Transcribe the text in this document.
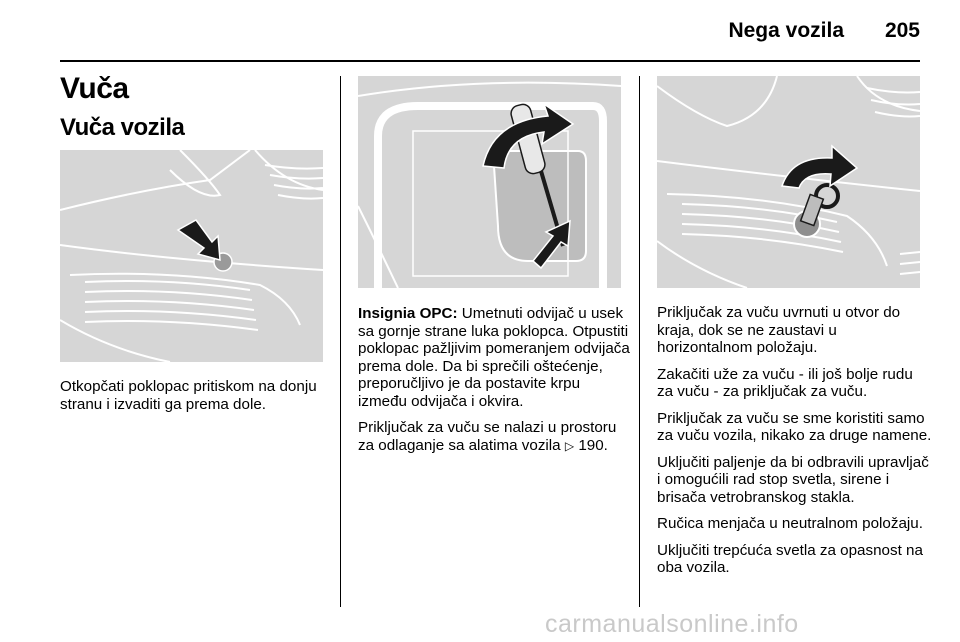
Nega vozila 205
Vuča
Vuča vozila

Otkopčati poklopac pritiskom na donju stranu i izvaditi ga prema dole.

Insignia OPC: Umetnuti odvijač u usek sa gornje strane luka poklopca. Otpustiti poklopac pažljivim pomeranjem odvijača prema dole. Da bi sprečili oštećenje, preporučljivo je da postavite krpu između odvijača i okvira.

Priključak za vuču se nalazi u prostoru za odlaganje sa alatima vozila ▷ 190.

Priključak za vuču uvrnuti u otvor do kraja, dok se ne zaustavi u horizontalnom položaju.

Zakačiti uže za vuču - ili još bolje rudu za vuču - za priključak za vuču.

Priključak za vuču se sme koristiti samo za vuču vozila, nikako za druge namene.

Uključiti paljenje da bi odbravili upravljač i omogućili rad stop svetla, sirene i brisača vetrobranskog stakla.

Ručica menjača u neutralnom položaju.

Uključiti trepćuća svetla za opasnost na oba vozila.

carmanualsonline.info
